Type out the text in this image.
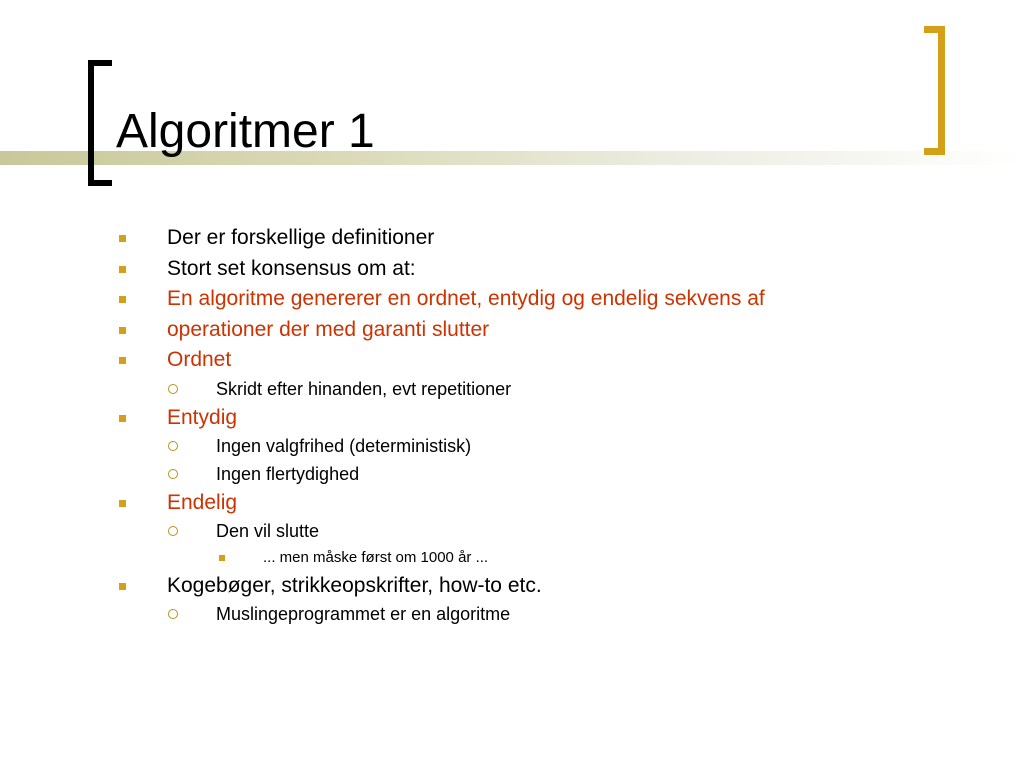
Algoritmer 1
Der er forskellige definitioner
Stort set konsensus om at:
En algoritme genererer en ordnet, entydig og endelig sekvens af
operationer der med garanti slutter
Ordnet
Skridt efter hinanden, evt repetitioner
Entydig
Ingen valgfrihed (deterministisk)
Ingen flertydighed
Endelig
Den vil slutte
... men måske først om 1000 år ...
Kogebøger, strikkeopskrifter, how-to etc.
Muslingeprogrammet er en algoritme
